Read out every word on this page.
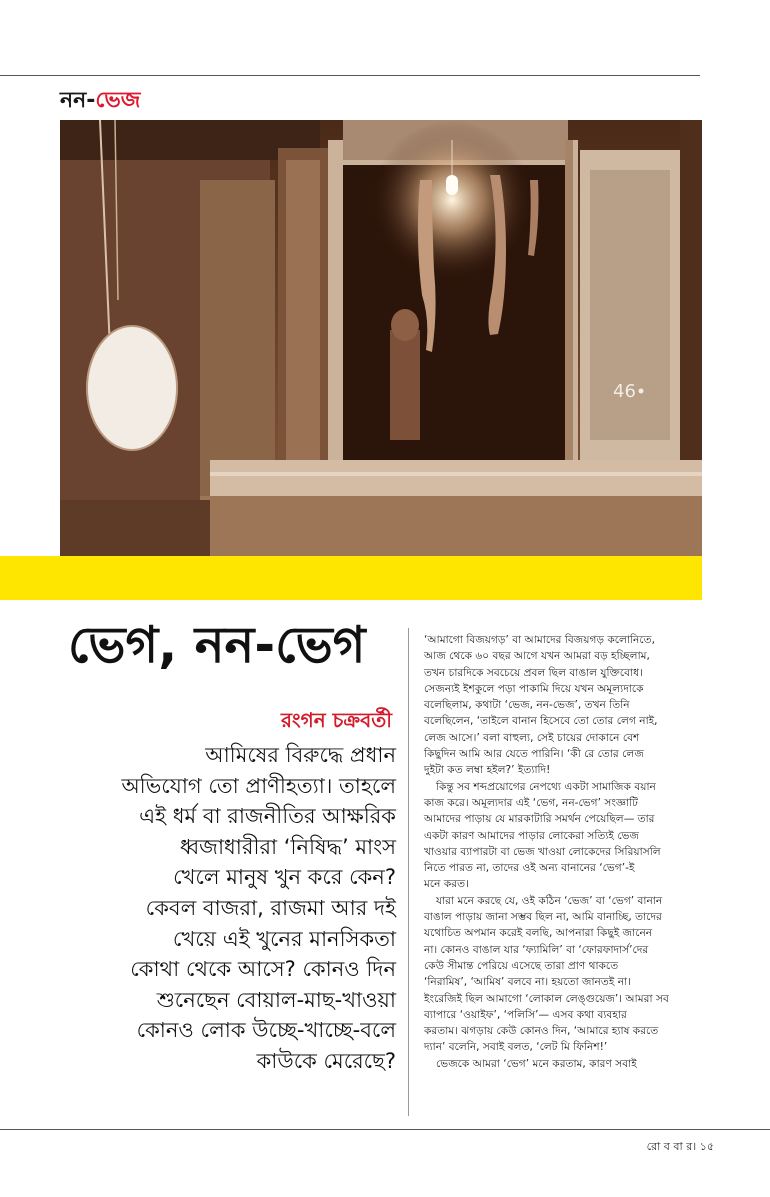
নন-ভেজ
46
ভেগ, নন-ভেগ
রংগন চক্রবর্তী
আমিষের বিরুদ্ধে প্রধান
অভিযোগ তো প্রাণীহত্যা। তাহলে
এই ধর্ম বা রাজনীতির আক্ষরিক
ধ্বজাধারীরা ‘নিষিদ্ধ’ মাংস
খেলে মানুষ খুন করে কেন?
কেবল বাজরা, রাজমা আর দই
খেয়ে এই খুনের মানসিকতা
কোথা থেকে আসে? কোনও দিন
শুনেছেন বোয়াল-মাছ-খাওয়া
কোনও লোক উচ্ছে-খাচ্ছে-বলে
কাউকে মেরেছে?
‘আমাগো বিজয়গড়’ বা আমাদের বিজয়গড় কলোনিতে,
আজ থেকে ৬০ বছর আগে যখন আমরা বড় হচ্ছিলাম,
তখন চারদিকে সবচেয়ে প্রবল ছিল বাঙাল যুক্তিবোধ।
সেজন্যই ইশকুলে পড়া পাকামি দিয়ে যখন অমূল্যদাকে
বলেছিলাম, কথাটা ‘ভেজ, নন-ভেজ’, তখন তিনি
বলেছিলেন, ‘তাইলে বানান হিসেবে তো তোর লেগ নাই,
লেজ আসে।’ বলা বাহুল্য, সেই চায়ের দোকানে বেশ
কিছুদিন আমি আর যেতে পারিনি। ‘কী রে তোর লেজ
দুইটা কত লম্বা হইল?’ ইত্যাদি!
কিন্তু সব শব্দপ্রয়োগের নেপথ্যে একটা সামাজিক বয়ান
কাজ করে। অমূল্যদার এই ‘ভেগ, নন-ভেগ’ সংজ্ঞাটি
আমাদের পাড়ায় যে মারকাটারি সমর্থন পেয়েছিল— তার
একটা কারণ আমাদের পাড়ার লোকেরা সত্যিই ভেজ
খাওয়ার ব্যাপারটা বা ভেজ খাওয়া লোকেদের সিরিয়াসলি
নিতে পারত না, তাদের ওই অন্য বানানের ‘ভেগ’-ই
মনে করত।
যারা মনে করছে যে, ওই কঠিন ‘ভেজ’ বা ‘ভেগ’ বানান
বাঙাল পাড়ায় জানা সম্ভব ছিল না, আমি বানাচ্ছি, তাদের
যথোচিত অপমান করেই বলছি, আপনারা কিছুই জানেন
না। কোনও বাঙাল যার ‘ফ্যামিলি’ বা ‘ফোরফাদার্স’দের
কেউ সীমান্ত পেরিয়ে এসেছে তারা প্রাণ থাকতে
‘নিরামিষ’, ‘আমিষ’ বলবে না। হয়তো জানতই না।
ইংরেজিই ছিল আমাগো ‘লোকাল লেঙ্গুয়েজ’। আমরা সব
ব্যাপারে ‘ওয়াইফ’, ‘পলিসি’— এসব কথা ব্যবহার
করতাম। ঝগড়ায় কেউ কোনও দিন, ‘আমারে হ্যাষ করতে
দ্যান’ বলেনি, সবাই বলত, ‘লেট মি ফিনিশ!’
ভেজকে আমরা ‘ভেগ’ মনে করতাম, কারণ সবাই
রো ব বা র। ১৫
